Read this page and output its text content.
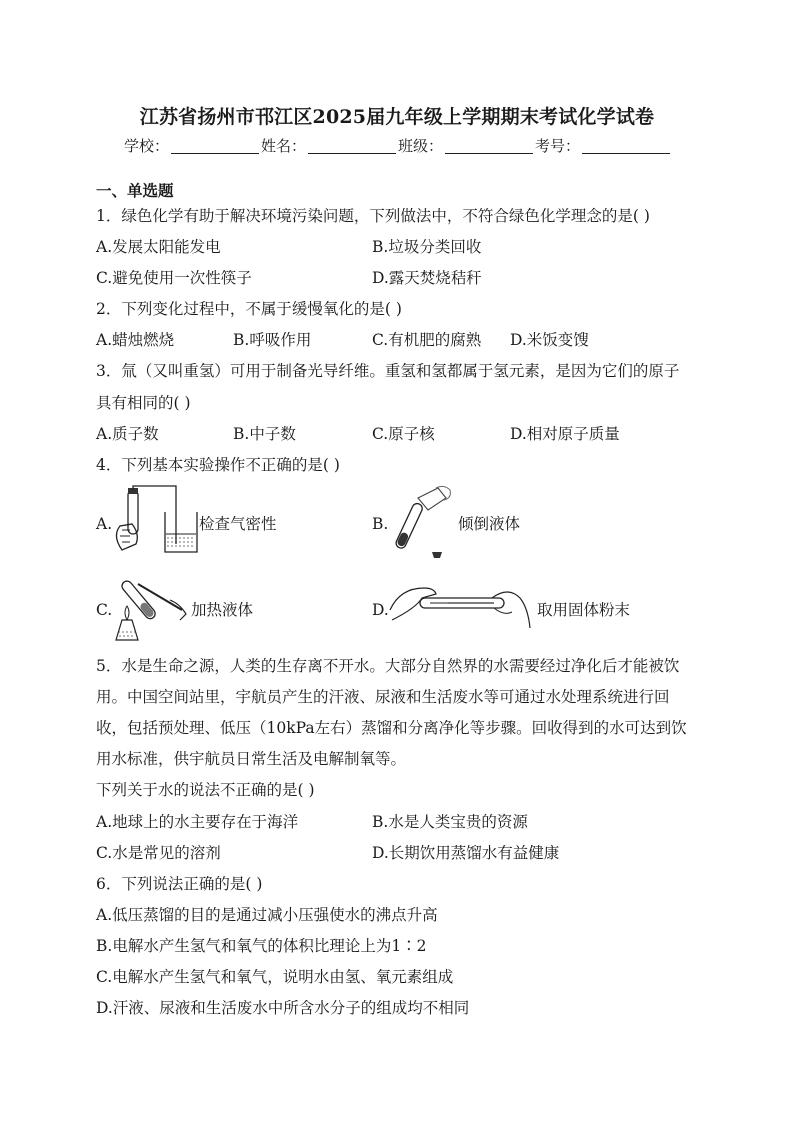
江苏省扬州市邗江区2025届九年级上学期期末考试化学试卷
学校：	姓名：	班级：	考号：
一、单选题
1．绿色化学有助于解决环境污染问题，下列做法中，不符合绿色化学理念的是( )
A.发展太阳能发电	B.垃圾分类回收
C.避免使用一次性筷子	D.露天焚烧秸秆
2．下列变化过程中，不属于缓慢氧化的是( )
A.蜡烛燃烧	B.呼吸作用	C.有机肥的腐熟 D.米饭变馊
3．氚（又叫重氢）可用于制备光导纤维。重氢和氢都属于氢元素，是因为它们的原子
具有相同的( )
A.质子数	B.中子数	C.原子核	D.相对原子质量
4．下列基本实验操作不正确的是( )
A.	检查气密性	B.	倾倒液体
C.	加热液体	D.	取用固体粉末
5．水是生命之源，人类的生存离不开水。大部分自然界的水需要经过净化后才能被饮
用。中国空间站里，宇航员产生的汗液、尿液和生活废水等可通过水处理系统进行回
收，包括预处理、低压（10kPa左右）蒸馏和分离净化等步骤。回收得到的水可达到饮
用水标准，供宇航员日常生活及电解制氧等。
下列关于水的说法不正确的是( )
A.地球上的水主要存在于海洋	B.水是人类宝贵的资源
C.水是常见的溶剂	D.长期饮用蒸馏水有益健康
6．下列说法正确的是( )
A.低压蒸馏的目的是通过减小压强使水的沸点升高
B.电解水产生氢气和氧气的体积比理论上为1∶2
C.电解水产生氢气和氧气，说明水由氢、氧元素组成
D.汗液、尿液和生活废水中所含水分子的组成均不相同
